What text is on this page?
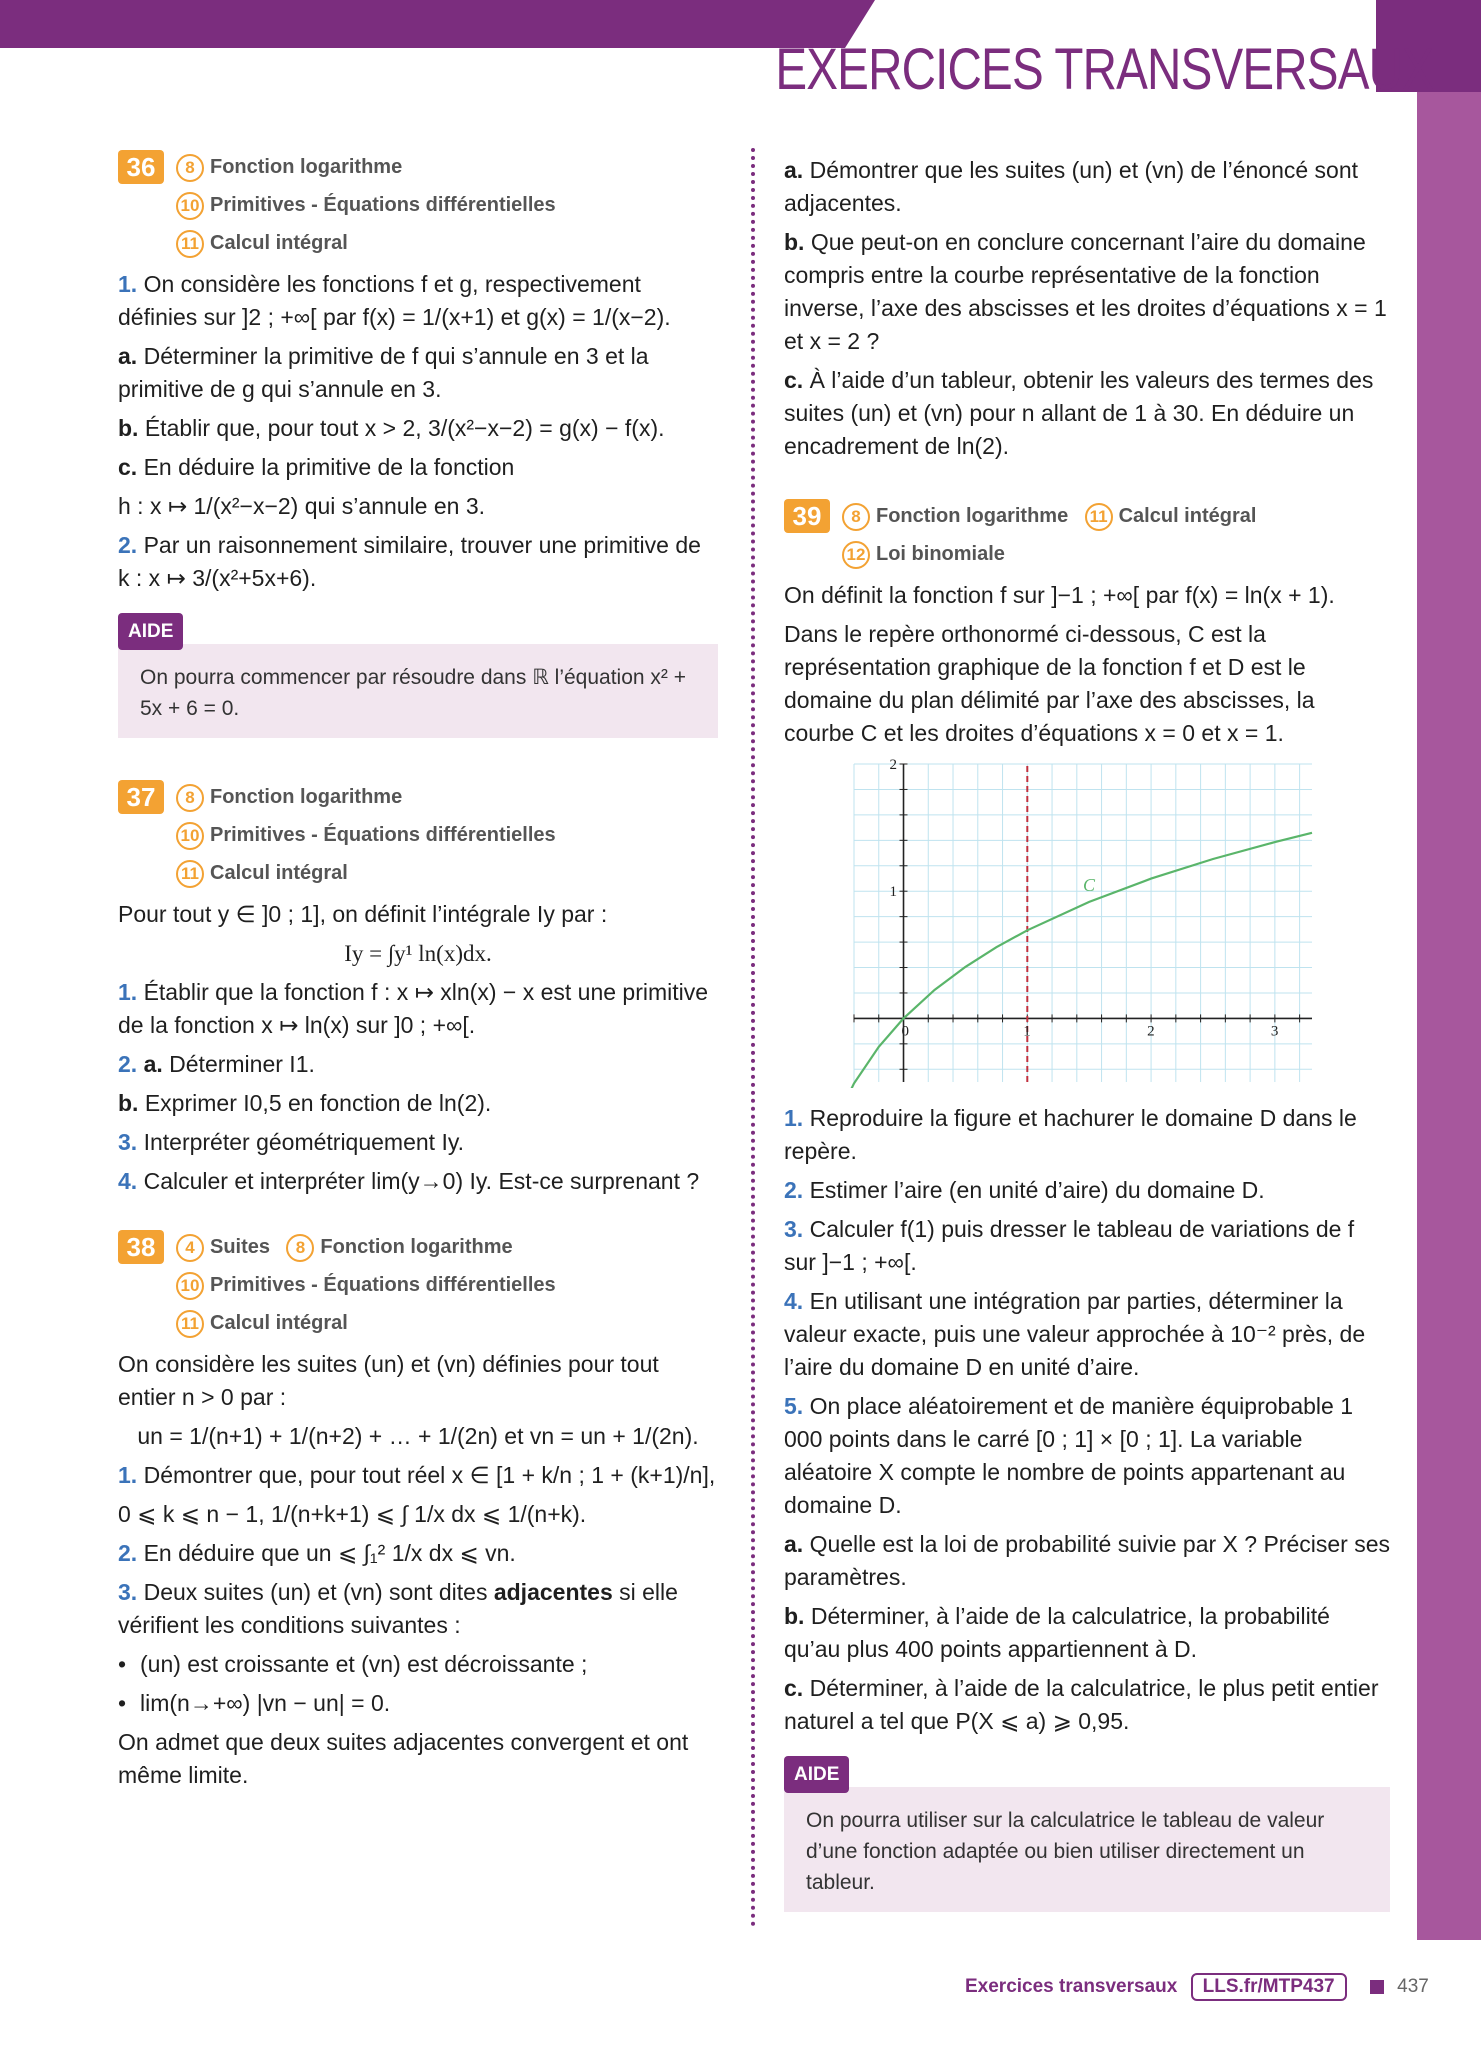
EXERCICES TRANSVERSAUX
36	8 Fonction logarithme 10 Primitives - Équations différentielles 11 Calcul intégral
1. On considère les fonctions f et g, respectivement définies sur ]2 ; +∞[ par f(x) = 1/(x+1) et g(x) = 1/(x−2).
a. Déterminer la primitive de f qui s’annule en 3 et la primitive de g qui s’annule en 3.
b. Établir que, pour tout x > 2, 3/(x²−x−2) = g(x) − f(x).
c. En déduire la primitive de la fonction
h : x ↦ 1/(x²−x−2) qui s’annule en 3.
2. Par un raisonnement similaire, trouver une primitive de k : x ↦ 3/(x²+5x+6).
AIDE
On pourra commencer par résoudre dans ℝ l’équation x² + 5x + 6 = 0.
37	8 Fonction logarithme 10 Primitives - Équations différentielles 11 Calcul intégral
Pour tout y ∈ ]0 ; 1], on définit l’intégrale Iy par :
Iy = ∫y¹ ln(x)dx.
1. Établir que la fonction f : x ↦ xln(x) − x est une primitive de la fonction x ↦ ln(x) sur ]0 ; +∞[.
2. a. Déterminer I1.
b. Exprimer I0,5 en fonction de ln(2).
3. Interpréter géométriquement Iy.
4. Calculer et interpréter lim(y→0) Iy. Est-ce surprenant ?
38	4 Suites 8 Fonction logarithme 10 Primitives - Équations différentielles 11 Calcul intégral
On considère les suites (un) et (vn) définies pour tout entier n > 0 par :
un = 1/(n+1) + 1/(n+2) + … + 1/(2n) et vn = un + 1/(2n).
1. Démontrer que, pour tout réel x ∈ [1 + k/n ; 1 + (k+1)/n],
0 ⩽ k ⩽ n − 1, 1/(n+k+1) ⩽ ∫ 1/x dx ⩽ 1/(n+k).
2. En déduire que un ⩽ ∫₁² 1/x dx ⩽ vn.
3. Deux suites (un) et (vn) sont dites adjacentes si elle vérifient les conditions suivantes :
• (un) est croissante et (vn) est décroissante ;
• lim(n→+∞) |vn − un| = 0.
On admet que deux suites adjacentes convergent et ont même limite.
a. Démontrer que les suites (un) et (vn) de l’énoncé sont adjacentes.
b. Que peut-on en conclure concernant l’aire du domaine compris entre la courbe représentative de la fonction inverse, l’axe des abscisses et les droites d’équations x = 1 et x = 2 ?
c. À l’aide d’un tableur, obtenir les valeurs des termes des suites (un) et (vn) pour n allant de 1 à 30. En déduire un encadrement de ln(2).
39	8 Fonction logarithme 11 Calcul intégral 12 Loi binomiale
On définit la fonction f sur ]−1 ; +∞[ par f(x) = ln(x + 1).
Dans le repère orthonormé ci-dessous, C est la représentation graphique de la fonction f et D est le domaine du plan délimité par l’axe des abscisses, la courbe C et les droites d’équations x = 0 et x = 1.
0	1	2	3
1
2
C
1. Reproduire la figure et hachurer le domaine D dans le repère.
2. Estimer l’aire (en unité d’aire) du domaine D.
3. Calculer f(1) puis dresser le tableau de variations de f sur ]−1 ; +∞[.
4. En utilisant une intégration par parties, déterminer la valeur exacte, puis une valeur approchée à 10⁻² près, de l’aire du domaine D en unité d’aire.
5. On place aléatoirement et de manière équiprobable 1 000 points dans le carré [0 ; 1] × [0 ; 1]. La variable aléatoire X compte le nombre de points appartenant au domaine D.
a. Quelle est la loi de probabilité suivie par X ? Préciser ses paramètres.
b. Déterminer, à l’aide de la calculatrice, la probabilité qu’au plus 400 points appartiennent à D.
c. Déterminer, à l’aide de la calculatrice, le plus petit entier naturel a tel que P(X ⩽ a) ⩾ 0,95.
AIDE
On pourra utiliser sur la calculatrice le tableau de valeur d’une fonction adaptée ou bien utiliser directement un tableur.
Exercices transversaux LLS.fr/MTP437	437
